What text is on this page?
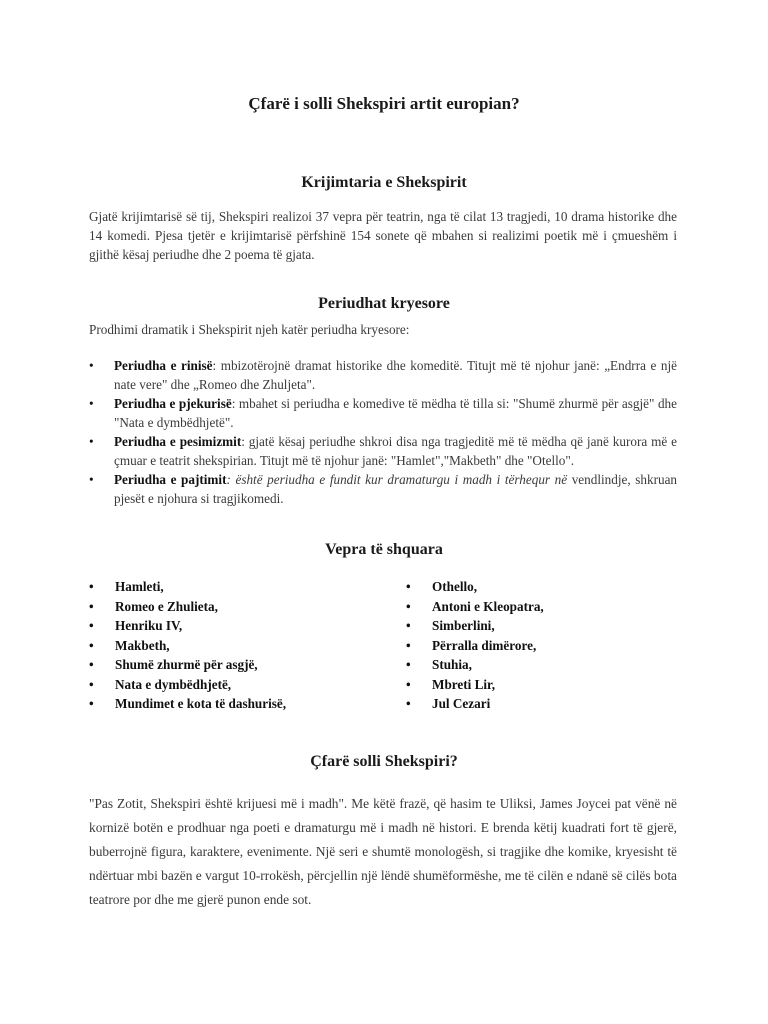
Çfarë i solli Shekspiri artit europian?
Krijimtaria e Shekspirit
Gjatë krijimtarisë së tij, Shekspiri realizoi 37 vepra për teatrin, nga të cilat 13 tragjedi, 10 drama historike dhe 14 komedi. Pjesa tjetër e krijimtarisë përfshinë 154 sonete që mbahen si realizimi poetik më i çmueshëm i gjithë kësaj periudhe dhe 2 poema të gjata.
Periudhat kryesore
Prodhimi dramatik i Shekspirit njeh katër periudha kryesore:
• Periudha e rinisë: mbizotërojnë dramat historike dhe komeditë. Titujt më të njohur janë: „Endrra e një nate vere" dhe „Romeo dhe Zhuljeta".
• Periudha e pjekurisë: mbahet si periudha e komedive të mëdha të tilla si: "Shumë zhurmë për asgjë" dhe "Nata e dymbëdhjetë".
• Periudha e pesimizmit: gjatë kësaj periudhe shkroi disa nga tragjeditë më të mëdha që janë kurora më e çmuar e teatrit shekspirian. Titujt më të njohur janë: "Hamlet","Makbeth" dhe "Otello".
• Periudha e pajtimit: është periudha e fundit kur dramaturgu i madh i tërhequr në vendlindje, shkruan pjesët e njohura si tragjikomedi.
Vepra të shquara
• Hamleti,
• Romeo e Zhulieta,
• Henriku IV,
• Makbeth,
• Shumë zhurmë për asgjë,
• Nata e dymbëdhjetë,
• Mundimet e kota të dashurisë,
• Othello,
• Antoni e Kleopatra,
• Simberlini,
• Përralla dimërore,
• Stuhia,
• Mbreti Lir,
• Jul Cezari
Çfarë solli Shekspiri?
"Pas Zotit, Shekspiri është krijuesi më i madh". Me këtë frazë, që hasim te Uliksi, James Joycei pat vënë në kornizë botën e prodhuar nga poeti e dramaturgu më i madh në histori. E brenda këtij kuadrati fort të gjerë, buberrojnë figura, karaktere, evenimente. Një seri e shumtë monologësh, si tragjike dhe komike, kryesisht të ndërtuar mbi bazën e vargut 10-rrokësh, përcjellin një lëndë shumëformëshe, me të cilën e ndanë së cilës bota teatrore por dhe me gjerë punon ende sot.
